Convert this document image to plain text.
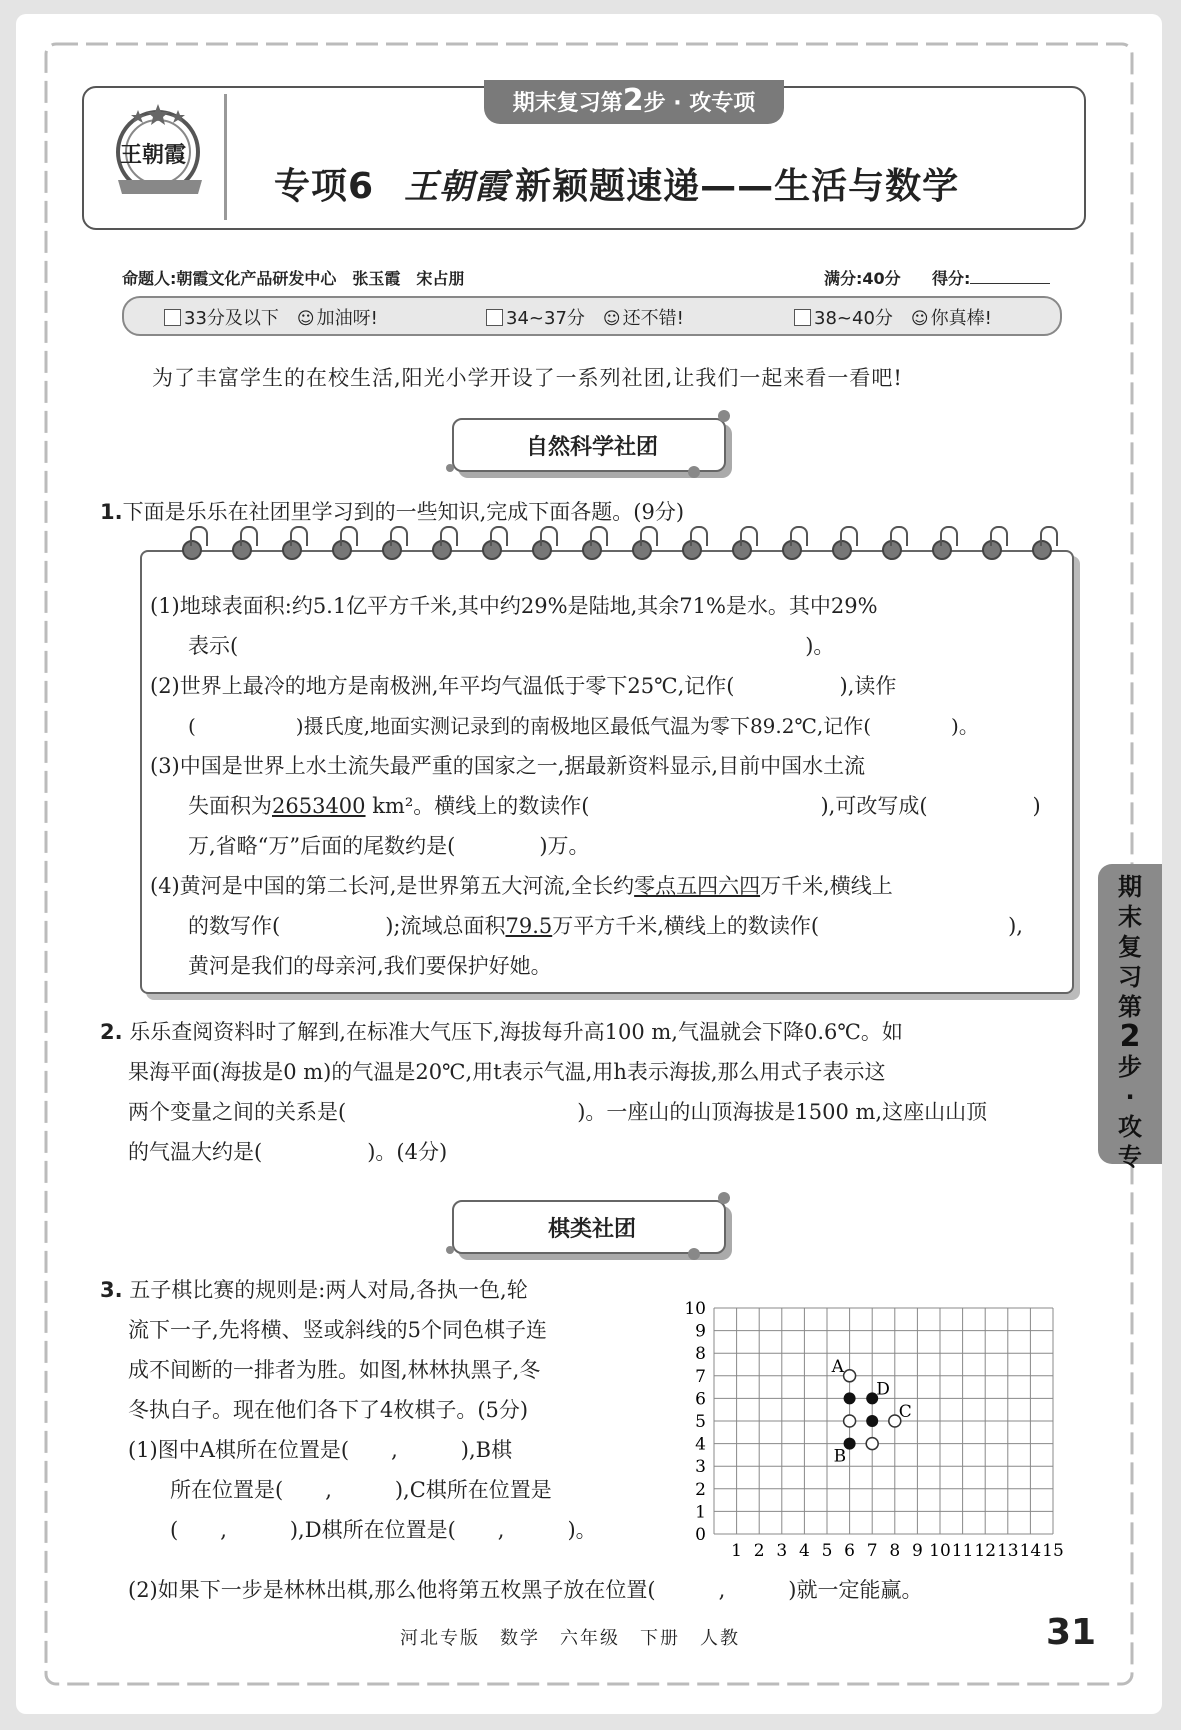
王朝霞
期末复习第2步 · 攻专项
专项6 王朝霞 新颖题速递——生活与数学
命题人:朝霞文化产品研发中心　张玉霞　宋占朋	满分:40分 得分:
33分及以下　 ☺ 加油呀!	34~37分　 ☺ 还不错!	38~40分　 ☺ 你真棒!
为了丰富学生的在校生活,阳光小学开设了一系列社团,让我们一起来看一看吧!
自然科学社团
1.下面是乐乐在社团里学习到的一些知识,完成下面各题。(9分)
(1)地球表面积:约5.1亿平方千米,其中约29%是陆地,其余71%是水。其中29%
表示(　　　　　　　　　　　　　　　　　　　　　　　　　　　)。
(2)世界上最冷的地方是南极洲,年平均气温低于零下25℃,记作(　　　　　),读作
(　　　　　)摄氏度,地面实测记录到的南极地区最低气温为零下89.2℃,记作(　　　　)。
(3)中国是世界上水土流失最严重的国家之一,据最新资料显示,目前中国水土流
失面积为2653400 km²。横线上的数读作(　　　　　　　　　　　),可改写成(　　　　　)
万,省略“万”后面的尾数约是(　　　　)万。
(4)黄河是中国的第二长河,是世界第五大河流,全长约零点五四六四万千米,横线上
的数写作(　　　　　);流域总面积79.5万平方千米,横线上的数读作(　　　　　　　　　),
黄河是我们的母亲河,我们要保护好她。
2. 乐乐查阅资料时了解到,在标准大气压下,海拔每升高100 m,气温就会下降0.6℃。如
果海平面(海拔是0 m)的气温是20℃,用t表示气温,用h表示海拔,那么用式子表示这
两个变量之间的关系是(　　　　　　　　　　　)。一座山的山顶海拔是1500 m,这座山山顶
的气温大约是(　　　　　)。(4分)
棋类社团
3. 五子棋比赛的规则是:两人对局,各执一色,轮
流下一子,先将横、竖或斜线的5个同色棋子连
成不间断的一排者为胜。如图,林林执黑子,冬
冬执白子。现在他们各下了4枚棋子。(5分)
(1)图中A棋所在位置是(　　,　　　),B棋
所在位置是(　　,　　　),C棋所在位置是
(　　,　　　),D棋所在位置是(　　,　　　)。
(2)如果下一步是林林出棋,那么他将第五枚黑子放在位置(　　　,　　　)就一定能赢。
1 2 3 4 5 6 7 8 9 10 11 12 13 14 15
0
1
2
3
4
5
6
7
8
9
10
A
B
C
D
期
末
复
习
第
2
步
·
攻
专
河北专版　数学　六年级　下册　人教	31
